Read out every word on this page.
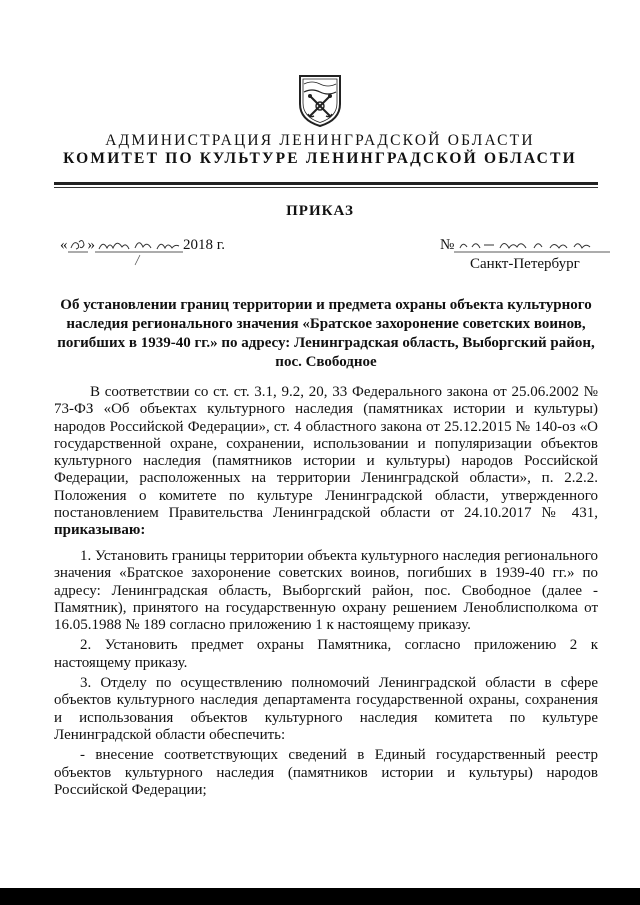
АДМИНИСТРАЦИЯ ЛЕНИНГРАДСКОЙ ОБЛАСТИ
КОМИТЕТ ПО КУЛЬТУРЕ ЛЕНИНГРАДСКОЙ ОБЛАСТИ
ПРИКАЗ
« »	2018 г.	№
Санкт-Петербург
Об установлении границ территории и предмета охраны объекта культурного наследия регионального значения «Братское захоронение советских воинов, погибших в 1939-40 гг.» по адресу: Ленинградская область, Выборгский район, пос. Свободное

В соответствии со ст. ст. 3.1, 9.2, 20, 33 Федерального закона от 25.06.2002 № 73-ФЗ «Об объектах культурного наследия (памятниках истории и культуры) народов Российской Федерации», ст. 4 областного закона от 25.12.2015 № 140-оз «О государственной охране, сохранении, использовании и популяризации объектов культурного наследия (памятников истории и культуры) народов Российской Федерации, расположенных на территории Ленинградской области», п. 2.2.2. Положения о комитете по культуре Ленинградской области, утвержденного постановлением Правительства Ленинградской области от 24.10.2017 № 431, приказываю:

1. Установить границы территории объекта культурного наследия регионального значения «Братское захоронение советских воинов, погибших в 1939-40 гг.» по адресу: Ленинградская область, Выборгский район, пос. Свободное (далее - Памятник), принятого на государственную охрану решением Леноблисполкома от 16.05.1988 № 189 согласно приложению 1 к настоящему приказу.

2. Установить предмет охраны Памятника, согласно приложению 2 к настоящему приказу.

3. Отделу по осуществлению полномочий Ленинградской области в сфере объектов культурного наследия департамента государственной охраны, сохранения и использования объектов культурного наследия комитета по культуре Ленинградской области обеспечить:

- внесение соответствующих сведений в Единый государственный реестр объектов культурного наследия (памятников истории и культуры) народов Российской Федерации;
